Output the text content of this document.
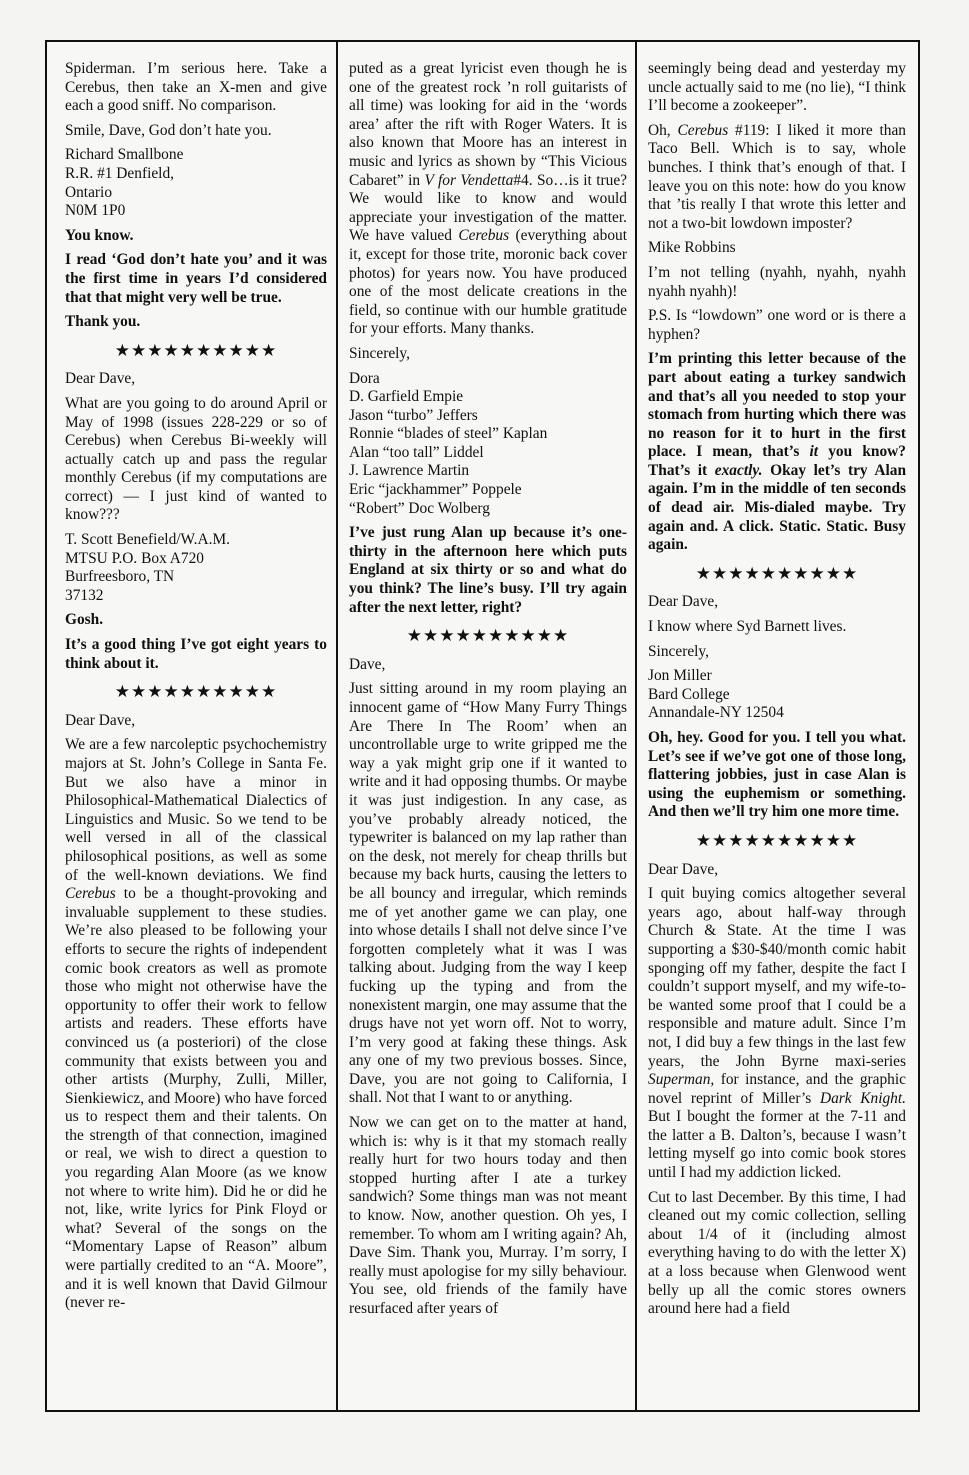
Spiderman. I’m serious here. Take a Cerebus, then take an X-men and give each a good sniff. No comparison.

Smile, Dave, God don’t hate you.

Richard Smallbone

R.R. #1 Denfield,

Ontario

N0M 1P0

You know.

I read ‘God don’t hate you’ and it was the first time in years I’d considered that that might very well be true.

Thank you.

★★★★★★★★★★

Dear Dave,

What are you going to do around April or May of 1998 (issues 228-229 or so of Cerebus) when Cerebus Bi-weekly will actually catch up and pass the regular monthly Cerebus (if my computations are correct) — I just kind of wanted to know???

T. Scott Benefield/W.A.M.

MTSU P.O. Box A720

Burfreesboro, TN

37132

Gosh.

It’s a good thing I’ve got eight years to think about it.

★★★★★★★★★★

Dear Dave,

We are a few narcoleptic psychochemistry majors at St. John’s College in Santa Fe. But we also have a minor in Philosophical-Mathematical Dialectics of Linguistics and Music. So we tend to be well versed in all of the classical philosophical positions, as well as some of the well-known deviations. We find Cerebus to be a thought-provoking and invaluable supplement to these studies. We’re also pleased to be following your efforts to secure the rights of independent comic book creators as well as promote those who might not otherwise have the opportunity to offer their work to fellow artists and readers. These efforts have convinced us (a posteriori) of the close community that exists between you and other artists (Murphy, Zulli, Miller, Sienkiewicz, and Moore) who have forced us to respect them and their talents. On the strength of that connection, imagined or real, we wish to direct a question to you regarding Alan Moore (as we know not where to write him). Did he or did he not, like, write lyrics for Pink Floyd or what? Several of the songs on the “Momentary Lapse of Reason” album were partially credited to an “A. Moore”, and it is well known that David Gilmour (never re-

puted as a great lyricist even though he is one of the greatest rock ’n roll guitarists of all time) was looking for aid in the ‘words area’ after the rift with Roger Waters. It is also known that Moore has an interest in music and lyrics as shown by “This Vicious Cabaret” in V for Vendetta#4. So…is it true? We would like to know and would appreciate your investigation of the matter. We have valued Cerebus (everything about it, except for those trite, moronic back cover photos) for years now. You have produced one of the most delicate creations in the field, so continue with our humble gratitude for your efforts. Many thanks.

Sincerely,

Dora

D. Garfield Empie

Jason “turbo” Jeffers

Ronnie “blades of steel” Kaplan

Alan “too tall” Liddel

J. Lawrence Martin

Eric “jackhammer” Poppele

“Robert” Doc Wolberg

I’ve just rung Alan up because it’s one-thirty in the afternoon here which puts England at six thirty or so and what do you think? The line’s busy. I’ll try again after the next letter, right?

★★★★★★★★★★

Dave,

Just sitting around in my room playing an innocent game of “How Many Furry Things Are There In The Room’ when an uncontrollable urge to write gripped me the way a yak might grip one if it wanted to write and it had opposing thumbs. Or maybe it was just indigestion. In any case, as you’ve probably already noticed, the typewriter is balanced on my lap rather than on the desk, not merely for cheap thrills but because my back hurts, causing the letters to be all bouncy and irregular, which reminds me of yet another game we can play, one into whose details I shall not delve since I’ve forgotten completely what it was I was talking about. Judging from the way I keep fucking up the typing and from the nonexistent margin, one may assume that the drugs have not yet worn off. Not to worry, I’m very good at faking these things. Ask any one of my two previous bosses. Since, Dave, you are not going to California, I shall. Not that I want to or anything.

Now we can get on to the matter at hand, which is: why is it that my stomach really really hurt for two hours today and then stopped hurting after I ate a turkey sandwich? Some things man was not meant to know. Now, another question. Oh yes, I remember. To whom am I writing again? Ah, Dave Sim. Thank you, Murray. I’m sorry, I really must apologise for my silly behaviour. You see, old friends of the family have resurfaced after years of

seemingly being dead and yesterday my uncle actually said to me (no lie), “I think I’ll become a zookeeper”.

Oh, Cerebus #119: I liked it more than Taco Bell. Which is to say, whole bunches. I think that’s enough of that. I leave you on this note: how do you know that ’tis really I that wrote this letter and not a two-bit lowdown imposter?

Mike Robbins

I’m not telling (nyahh, nyahh, nyahh nyahh nyahh)!

P.S. Is “lowdown” one word or is there a hyphen?

I’m printing this letter because of the part about eating a turkey sandwich and that’s all you needed to stop your stomach from hurting which there was no reason for it to hurt in the first place. I mean, that’s it you know? That’s it exactly. Okay let’s try Alan again. I’m in the middle of ten seconds of dead air. Mis-dialed maybe. Try again and. A click. Static. Static. Busy again.

★★★★★★★★★★

Dear Dave,

I know where Syd Barnett lives.

Sincerely,

Jon Miller

Bard College

Annandale-NY 12504

Oh, hey. Good for you. I tell you what. Let’s see if we’ve got one of those long, flattering jobbies, just in case Alan is using the euphemism or something. And then we’ll try him one more time.

★★★★★★★★★★

Dear Dave,

I quit buying comics altogether several years ago, about half-way through Church & State. At the time I was supporting a $30-$40/month comic habit sponging off my father, despite the fact I couldn’t support myself, and my wife-to-be wanted some proof that I could be a responsible and mature adult. Since I’m not, I did buy a few things in the last few years, the John Byrne maxi-series Superman, for instance, and the graphic novel reprint of Miller’s Dark Knight. But I bought the former at the 7-11 and the latter a B. Dalton’s, because I wasn’t letting myself go into comic book stores until I had my addiction licked.

Cut to last December. By this time, I had cleaned out my comic collection, selling about 1/4 of it (including almost everything having to do with the letter X) at a loss because when Glenwood went belly up all the comic stores owners around here had a field
